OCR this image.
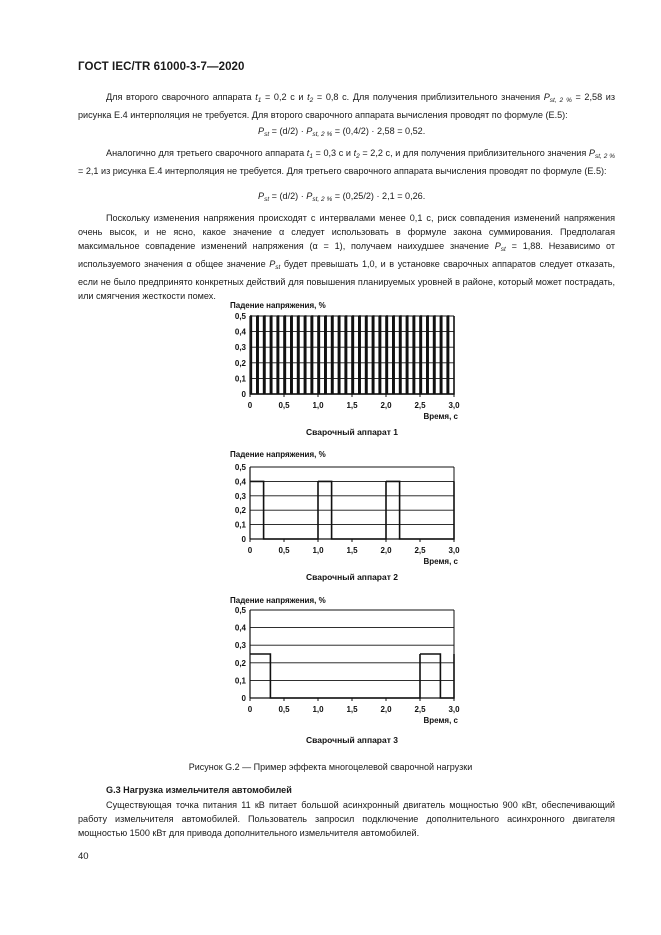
ГОСТ IEC/TR 61000-3-7—2020
Для второго сварочного аппарата $t_1 = 0,2$ с и $t_2 = 0,8$ с. Для получения приблизительного значения $P_{st, 2 \%} = 2,58$ из рисунка Е.4 интерполяция не требуется. Для второго сварочного аппарата вычисления проводят по формуле (Е.5):
$P_{st} = (d/2) \cdot P_{st, 2 \%} = (0,4/2) \cdot 2,58 = 0,52$.
Аналогично для третьего сварочного аппарата $t_1 = 0,3$ с и $t_2 = 2,2$ с, и для получения приблизительного значения $P_{st, 2 \%} = 2,1$ из рисунка Е.4 интерполяция не требуется. Для третьего сварочного аппарата вычисления проводят по формуле (Е.5):
$P_{st} = (d/2) \cdot P_{st, 2 \%} = (0,25/2) \cdot 2,1 = 0,26$.
Поскольку изменения напряжения происходят с интервалами менее 0,1 с, риск совпадения изменений напряжения очень высок, и не ясно, какое значение α следует использовать в формуле закона суммирования. Предполагая максимальное совпадение изменений напряжения (α = 1), получаем наихудшее значение $P_{st} = 1,88$. Независимо от используемого значения α общее значение $P_{st}$ будет превышать 1,0, и в установке сварочных аппаратов следует отказать, если не было предпринято конкретных действий для повышения планируемых уровней в районе, который может пострадать, или смягчения жесткости помех.
Падение напряжения, %
0
0,1
0,2
0,3
0,4
0,5
0	0,5	1,0	1,5	2,0	2,5	3,0
Время, с
Сварочный аппарат 1
Падение напряжения, %
0
0,1
0,2
0,3
0,4
0,5
0	0,5	1,0	1,5	2,0	2,5	3,0
Время, с
Сварочный аппарат 2
Падение напряжения, %
0
0,1
0,2
0,3
0,4
0,5
0	0,5	1,0	1,5	2,0	2,5	3,0
Время, с
Сварочный аппарат 3
Рисунок G.2 — Пример эффекта многоцелевой сварочной нагрузки
G.3 Нагрузка измельчителя автомобилей
Существующая точка питания 11 кВ питает большой асинхронный двигатель мощностью 900 кВт, обеспечивающий работу измельчителя автомобилей. Пользователь запросил подключение дополнительного асинхронного двигателя мощностью 1500 кВт для привода дополнительного измельчителя автомобилей.
40
